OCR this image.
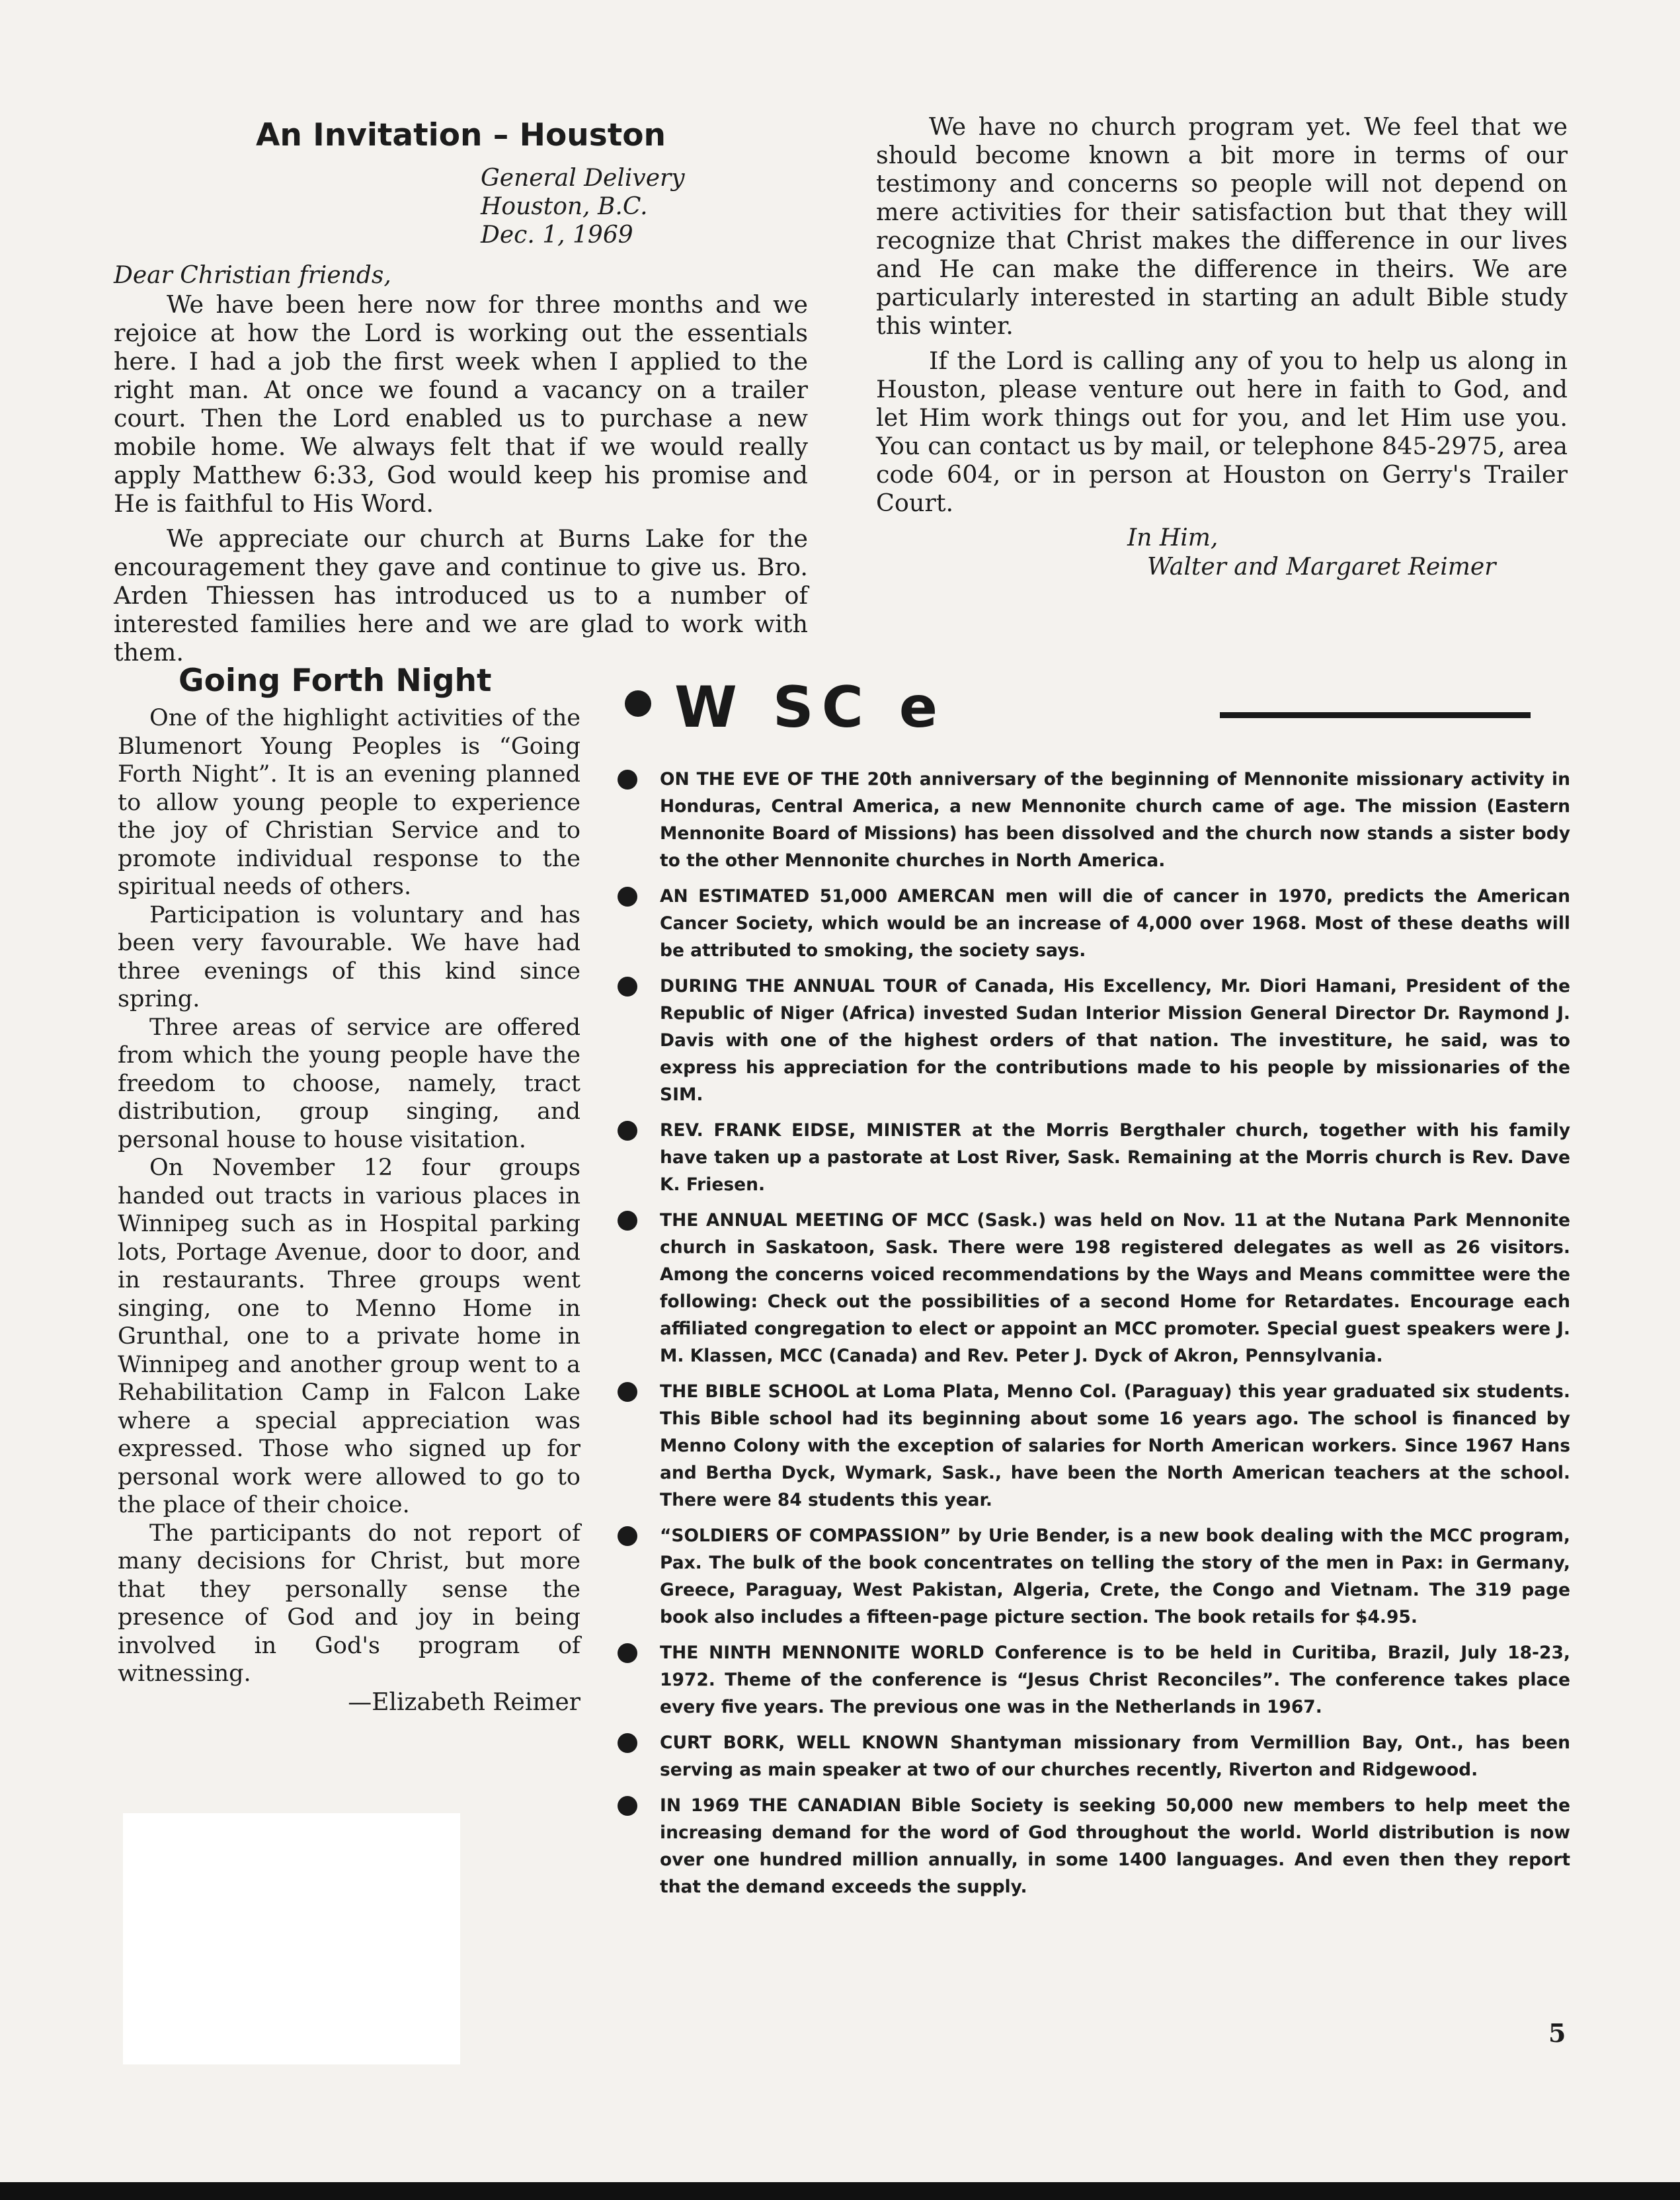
An Invitation – Houston
General Delivery
Houston, B.C.
Dec. 1, 1969
Dear Christian friends,

We have been here now for three months and we rejoice at how the Lord is working out the essentials here. I had a job the first week when I applied to the right man. At once we found a vacancy on a trailer court. Then the Lord enabled us to purchase a new mobile home. We always felt that if we would really apply Matthew 6:33, God would keep his promise and He is faithful to His Word.

We appreciate our church at Burns Lake for the encouragement they gave and continue to give us. Bro. Arden Thiessen has introduced us to a number of interested families here and we are glad to work with them.

We have no church program yet. We feel that we should become known a bit more in terms of our testimony and concerns so people will not depend on mere activities for their satisfaction but that they will recognize that Christ makes the difference in our lives and He can make the difference in theirs. We are particularly interested in starting an adult Bible study this winter.

If the Lord is calling any of you to help us along in Houston, please venture out here in faith to God, and let Him work things out for you, and let Him use you. You can contact us by mail, or telephone 845-2975, area code 604, or in person at Houston on Gerry's Trailer Court.

In Him,
Walter and Margaret Reimer
Going Forth Night

One of the highlight activities of the Blumenort Young Peoples is “Going Forth Night”. It is an evening planned to allow young people to experience the joy of Christian Service and to promote individual response to the spiritual needs of others.

Participation is voluntary and has been very favourable. We have had three evenings of this kind since spring.

Three areas of service are offered from which the young people have the freedom to choose, namely, tract distribution, group singing, and personal house to house visitation.

On November 12 four groups handed out tracts in various places in Winnipeg such as in Hospital parking lots, Portage Avenue, door to door, and in restaurants. Three groups went singing, one to Menno Home in Grunthal, one to a private home in Winnipeg and another group went to a Rehabilitation Camp in Falcon Lake where a special appreciation was expressed. Those who signed up for personal work were allowed to go to the place of their choice.

The participants do not report of many decisions for Christ, but more that they personally sense the presence of God and joy in being involved in God's program of witnessing.

—Elizabeth Reimer
W SC e
ON THE EVE OF THE 20th anniversary of the beginning of Mennonite missionary activity in Honduras, Central America, a new Mennonite church came of age. The mission (Eastern Mennonite Board of Missions) has been dissolved and the church now stands a sister body to the other Mennonite churches in North America.
AN ESTIMATED 51,000 AMERCAN men will die of cancer in 1970, predicts the American Cancer Society, which would be an increase of 4,000 over 1968. Most of these deaths will be attributed to smoking, the society says.
DURING THE ANNUAL TOUR of Canada, His Excellency, Mr. Diori Hamani, President of the Republic of Niger (Africa) invested Sudan Interior Mission General Director Dr. Raymond J. Davis with one of the highest orders of that nation. The investiture, he said, was to express his appreciation for the contributions made to his people by missionaries of the SIM.
REV. FRANK EIDSE, MINISTER at the Morris Bergthaler church, together with his family have taken up a pastorate at Lost River, Sask. Remaining at the Morris church is Rev. Dave K. Friesen.
THE ANNUAL MEETING OF MCC (Sask.) was held on Nov. 11 at the Nutana Park Mennonite church in Saskatoon, Sask. There were 198 registered delegates as well as 26 visitors. Among the concerns voiced recommendations by the Ways and Means committee were the following: Check out the possibilities of a second Home for Retardates. Encourage each affiliated congregation to elect or appoint an MCC promoter. Special guest speakers were J. M. Klassen, MCC (Canada) and Rev. Peter J. Dyck of Akron, Pennsylvania.
THE BIBLE SCHOOL at Loma Plata, Menno Col. (Paraguay) this year graduated six students. This Bible school had its beginning about some 16 years ago. The school is financed by Menno Colony with the exception of salaries for North American workers. Since 1967 Hans and Bertha Dyck, Wymark, Sask., have been the North American teachers at the school. There were 84 students this year.
“SOLDIERS OF COMPASSION” by Urie Bender, is a new book dealing with the MCC program, Pax. The bulk of the book concentrates on telling the story of the men in Pax: in Germany, Greece, Paraguay, West Pakistan, Algeria, Crete, the Congo and Vietnam. The 319 page book also includes a fifteen-page picture section. The book retails for $4.95.
THE NINTH MENNONITE WORLD Conference is to be held in Curitiba, Brazil, July 18-23, 1972. Theme of the conference is “Jesus Christ Reconciles”. The conference takes place every five years. The previous one was in the Netherlands in 1967.
CURT BORK, WELL KNOWN Shantyman missionary from Vermillion Bay, Ont., has been serving as main speaker at two of our churches recently, Riverton and Ridgewood.
IN 1969 THE CANADIAN Bible Society is seeking 50,000 new members to help meet the increasing demand for the word of God throughout the world. World distribution is now over one hundred million annually, in some 1400 languages. And even then they report that the demand exceeds the supply.
5
